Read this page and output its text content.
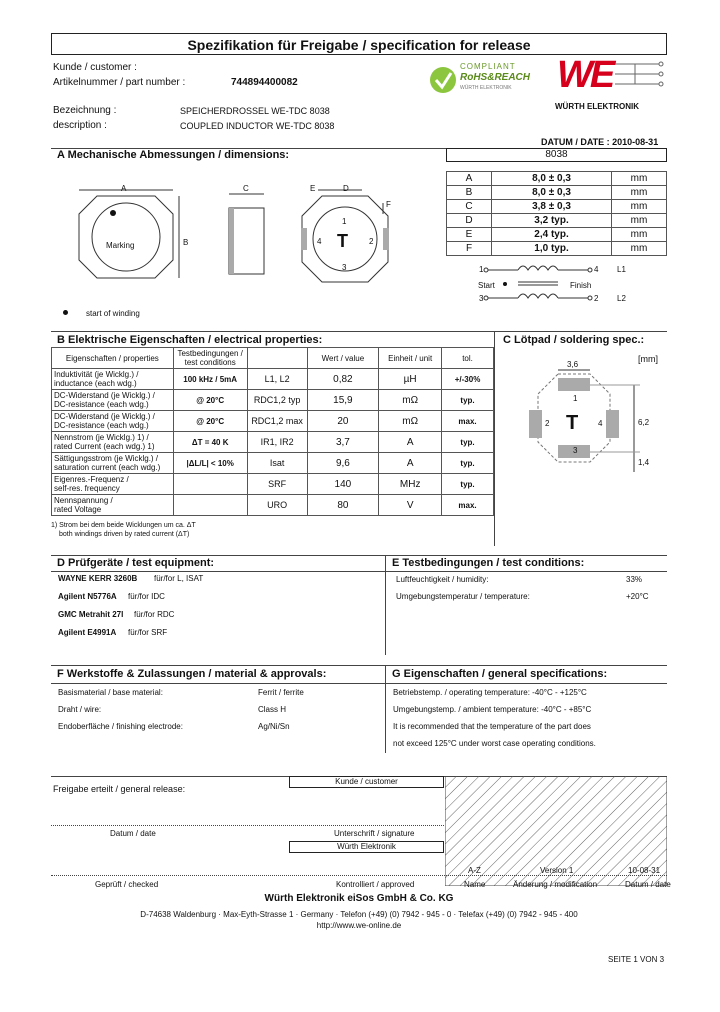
Spezifikation für Freigabe / specification for release
Kunde / customer :
Artikelnummer / part number :	744894400082
Bezeichnung :	SPEICHERDROSSEL WE-TDC 8038
description :	COUPLED INDUCTOR WE-TDC 8038
DATUM / DATE : 2010-08-31
COMPLIANT
RoHS&REACH
WÜRTH ELEKTRONIK WE
WÜRTH ELEKTRONIK
A Mechanische Abmessungen / dimensions:	8038
A
B
C	E	D
F
Marking	T
1
2
4
3
start of winding
A	8,0 ± 0,3	mm
B	8,0 ± 0,3	mm
C	3,8 ± 0,3	mm
D	3,2 typ.	mm
E	2,4 typ.	mm
F	1,0 typ.	mm
1	4 L1
Start	Finish
3	2 L2
B Elektrische Eigenschaften / electrical properties:
Eigenschaften / properties	Testbedingungen / test conditions		Wert / value	Einheit / unit	tol.

Induktivität (je Wicklg.) /
inductance (each wdg.)	100 kHz / 5mA	L1, L2	0,82	µH	+/-30%

DC-Widerstand (je Wicklg.) /
DC-resistance (each wdg.)	@ 20°C	RDC1,2 typ	15,9	mΩ	typ.

DC-Widerstand (je Wicklg.) /
DC-resistance (each wdg.)	@ 20°C	RDC1,2 max	20	mΩ	max.

Nennstrom (je Wicklg.) 1) /
rated Current (each wdg.) 1)	ΔT = 40 K	IR1, IR2	3,7	A	typ.

Sättigungsstrom (je Wicklg.) /
saturation current (each wdg.)	|ΔL/L| < 10%	Isat	9,6	A	typ.

Eigenres.-Frequenz /
self-res. frequency		SRF	140	MHz	typ.

Nennspannung /
rated Voltage		URO	80	V	max.
1) Strom bei dem beide Wicklungen um ca. ΔT
both windings driven by rated current (ΔT)
C Lötpad / soldering spec.:
[mm]
3,6
6,2
1,4
1
2	4
3
T
D Prüfgeräte / test equipment:	E Testbedingungen / test conditions:
WAYNE KERR 3260B für/for L, ISAT
Agilent N5776A für/for IDC
GMC Metrahit 27I für/for RDC
Agilent E4991A für/for SRF
Luftfeuchtigkeit / humidity:	33%
Umgebungstemperatur / temperature:	+20°C
F Werkstoffe & Zulassungen / material & approvals:	G Eigenschaften / general specifications:
Basismaterial / base material:	Ferrit / ferrite
Draht / wire:	Class H
Endoberfläche / finishing electrode:	Ag/Ni/Sn
Betriebstemp. / operating temperature: -40°C - +125°C
Umgebungstemp. / ambient temperature: -40°C - +85°C
It is recommended that the temperature of the part does
not exceed 125°C under worst case operating conditions.
Freigabe erteilt / general release:
Kunde / customer
Datum / date	Unterschrift / signature
Würth Elektronik
Geprüft / checked	Kontrolliert / approved
A-Z	Version 1	10-08-31
Name	Änderung / modification	Datum / date
Würth Elektronik eiSos GmbH & Co. KG
D-74638 Waldenburg · Max-Eyth-Strasse 1 · Germany · Telefon (+49) (0) 7942 - 945 - 0 · Telefax (+49) (0) 7942 - 945 - 400
http://www.we-online.de
SEITE 1 VON 3
